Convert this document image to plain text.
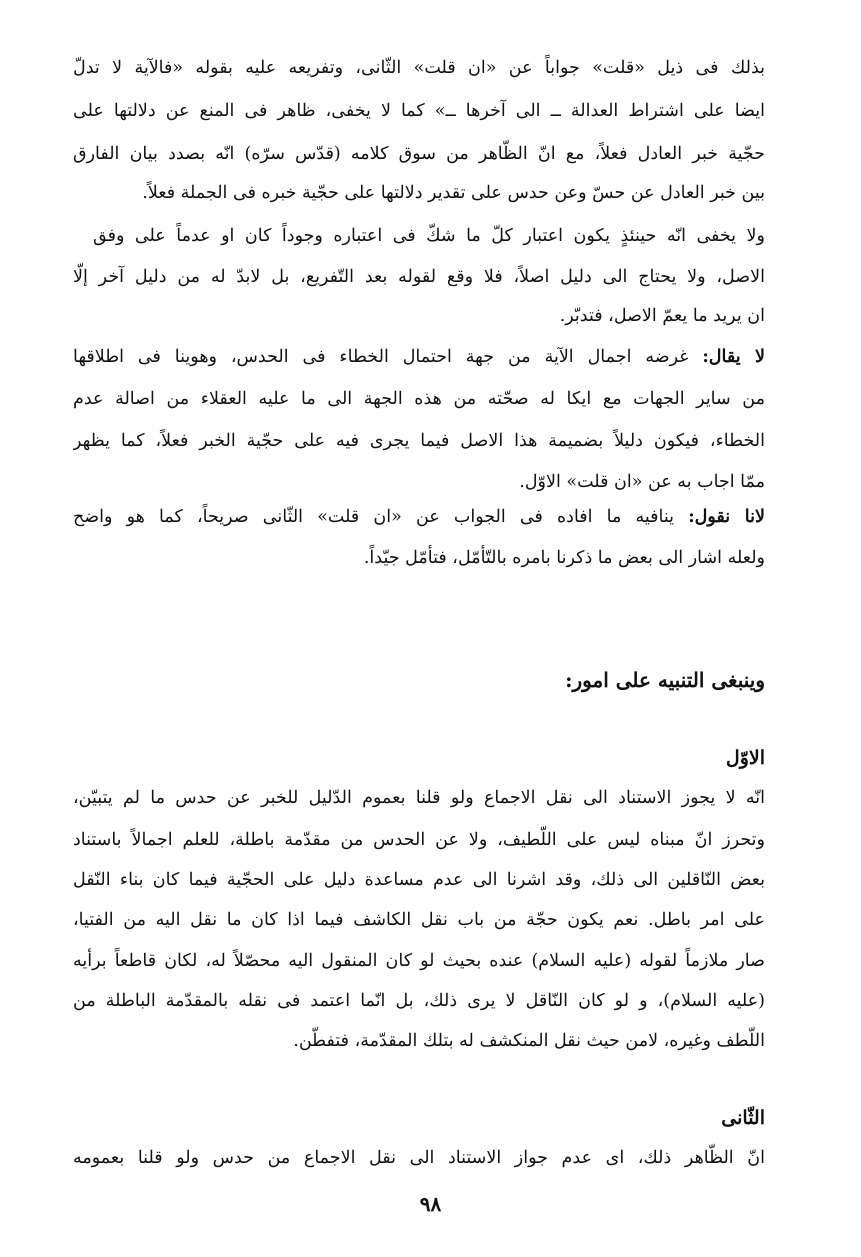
بذلك فى ذيل «قلت» جواباً عن «ان قلت» الثّانى، وتفريعه عليه بقوله «فالآية لا تدلّ
ايضا على اشتراط العدالة ــ الى آخرها ــ» كما لا يخفى، ظاهر فى المنع عن دلالتها على
حجّية خبر العادل فعلاً، مع انّ الظّاهر من سوق كلامه (قدّس سرّه) انّه بصدد بيان الفارق
بين خبر العادل عن حسّ وعن حدس على تقدير دلالتها على حجّية خبره فى الجملة فعلاً.
ولا يخفى انّه حينئذٍ يكون اعتبار كلّ ما شكّ فى اعتباره وجوداً كان او عدماً على وفق
الاصل، ولا يحتاج الى دليل اصلاً، فلا وقع لقوله بعد التّفريع، بل لابدّ له من دليل آخر إلّا
ان يريد ما يعمّ الاصل، فتدبّر.
لا يقال: غرضه اجمال الآية من جهة احتمال الخطاء فى الحدس، وهوينا فى اطلاقها
من ساير الجهات مع ايكا له صحّته من هذه الجهة الى ما عليه العقلاء من اصالة عدم
الخطاء، فيكون دليلاً بضميمة هذا الاصل فيما يجرى فيه على حجّية الخبر فعلاً، كما يظهر
ممّا اجاب به عن «ان قلت» الاوّل.
لانا نقول: ينافيه ما افاده فى الجواب عن «ان قلت» الثّانى صريحاً، كما هو واضح
ولعله اشار الى بعض ما ذكرنا بامره بالتّأمّل، فتأمّل جيّداً.
وينبغى التنبيه على امور:
الاوّل
انّه لا يجوز الاستناد الى نقل الاجماع ولو قلنا بعموم الدّليل للخبر عن حدس ما لم يتبيّن،
وتحرز انّ مبناه ليس على اللّطيف، ولا عن الحدس من مقدّمة باطلة، للعلم اجمالاً باستناد
بعض النّاقلين الى ذلك، وقد اشرنا الى عدم مساعدة دليل على الحجّية فيما كان بناء النّقل
على امر باطل. نعم يكون حجّة من باب نقل الكاشف فيما اذا كان ما نقل اليه من الفتيا،
صار ملازماً لقوله (عليه السلام) عنده بحيث لو كان المنقول اليه محصّلاً له، لكان قاطعاً برأيه
(عليه السلام)، و لو كان النّاقل لا يرى ذلك، بل انّما اعتمد فى نقله بالمقدّمة الباطلة من
اللّطف وغيره، لامن حيث نقل المنكشف له بتلك المقدّمة، فتفطّن.
الثّانى
انّ الظّاهر ذلك، اى عدم جواز الاستناد الى نقل الاجماع من حدس ولو قلنا بعمومه
٩٨
